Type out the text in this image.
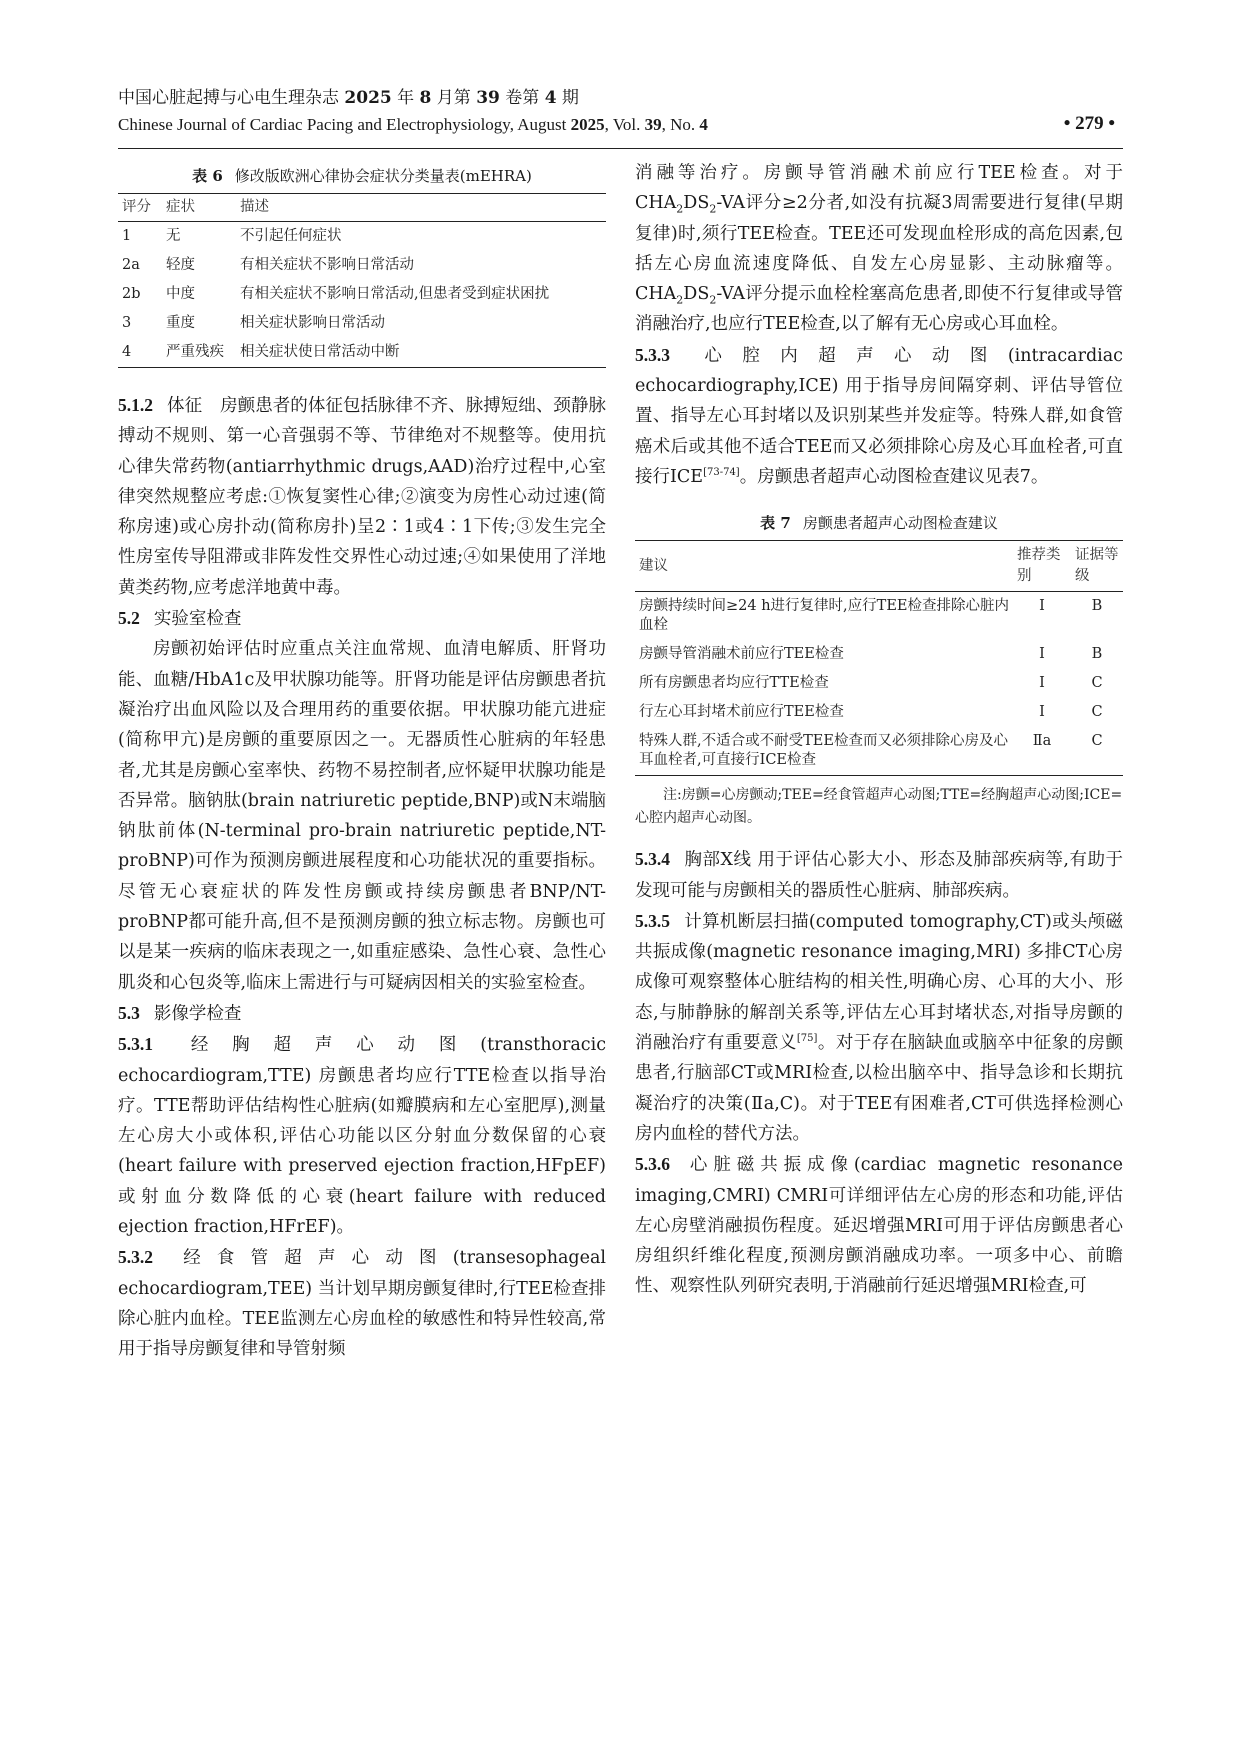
中国心脏起搏与心电生理杂志 2025 年 8 月第 39 卷第 4 期
Chinese Journal of Cardiac Pacing and Electrophysiology, August 2025, Vol. 39, No. 4	• 279 •
表 6 修改版欧洲心律协会症状分类量表(mEHRA)
评分	症状	描述
1	无	不引起任何症状
2a	轻度	有相关症状不影响日常活动
2b	中度	有相关症状不影响日常活动,但患者受到症状困扰
3	重度	相关症状影响日常活动
4	严重残疾	相关症状使日常活动中断

5.1.2 体征 房颤患者的体征包括脉律不齐、脉搏短绌、颈静脉搏动不规则、第一心音强弱不等、节律绝对不规整等。使用抗心律失常药物(antiarrhythmic drugs,AAD)治疗过程中,心室律突然规整应考虑:①恢复窦性心律;②演变为房性心动过速(简称房速)或心房扑动(简称房扑)呈2∶1或4∶1下传;③发生完全性房室传导阻滞或非阵发性交界性心动过速;④如果使用了洋地黄类药物,应考虑洋地黄中毒。

5.2 实验室检查

房颤初始评估时应重点关注血常规、血清电解质、肝肾功能、血糖/HbA1c及甲状腺功能等。肝肾功能是评估房颤患者抗凝治疗出血风险以及合理用药的重要依据。甲状腺功能亢进症(简称甲亢)是房颤的重要原因之一。无器质性心脏病的年轻患者,尤其是房颤心室率快、药物不易控制者,应怀疑甲状腺功能是否异常。脑钠肽(brain natriuretic peptide,BNP)或N末端脑钠肽前体(N-terminal pro-brain natriuretic peptide,NT-proBNP)可作为预测房颤进展程度和心功能状况的重要指标。尽管无心衰症状的阵发性房颤或持续房颤患者BNP/NT-proBNP都可能升高,但不是预测房颤的独立标志物。房颤也可以是某一疾病的临床表现之一,如重症感染、急性心衰、急性心肌炎和心包炎等,临床上需进行与可疑病因相关的实验室检查。

5.3 影像学检查

5.3.1 经胸超声心动图(transthoracic echocardiogram,TTE) 房颤患者均应行TTE检查以指导治疗。TTE帮助评估结构性心脏病(如瓣膜病和左心室肥厚),测量左心房大小或体积,评估心功能以区分射血分数保留的心衰(heart failure with preserved ejection fraction,HFpEF)或射血分数降低的心衰(heart failure with reduced ejection fraction,HFrEF)。

5.3.2 经食管超声心动图(transesophageal echocardiogram,TEE) 当计划早期房颤复律时,行TEE检查排除心脏内血栓。TEE监测左心房血栓的敏感性和特异性较高,常用于指导房颤复律和导管射频

消融等治疗。房颤导管消融术前应行TEE检查。对于$CHA_2DS_2-VA$评分≥2分者,如没有抗凝3周需要进行复律(早期复律)时,须行TEE检查。TEE还可发现血栓形成的高危因素,包括左心房血流速度降低、自发左心房显影、主动脉瘤等。$CHA_2DS_2-VA$评分提示血栓栓塞高危患者,即使不行复律或导管消融治疗,也应行TEE检查,以了解有无心房或心耳血栓。

5.3.3 心腔内超声心动图(intracardiac echocardiography,ICE) 用于指导房间隔穿刺、评估导管位置、指导左心耳封堵以及识别某些并发症等。特殊人群,如食管癌术后或其他不适合TEE而又必须排除心房及心耳血栓者,可直接行ICE[73-74]。房颤患者超声心动图检查建议见表7。

表 7 房颤患者超声心动图检查建议
建议	推荐类别	证据等级
房颤持续时间≥24 h进行复律时,应行TEE检查排除心脏内血栓	Ⅰ	B
房颤导管消融术前应行TEE检查	Ⅰ	B
所有房颤患者均应行TTE检查	Ⅰ	C
行左心耳封堵术前应行TEE检查	Ⅰ	C
特殊人群,不适合或不耐受TEE检查而又必须排除心房及心耳血栓者,可直接行ICE检查	Ⅱa	C

注:房颤=心房颤动;TEE=经食管超声心动图;TTE=经胸超声心动图;ICE=心腔内超声心动图。

5.3.4 胸部X线 用于评估心影大小、形态及肺部疾病等,有助于发现可能与房颤相关的器质性心脏病、肺部疾病。

5.3.5 计算机断层扫描(computed tomography,CT)或头颅磁共振成像(magnetic resonance imaging,MRI) 多排CT心房成像可观察整体心脏结构的相关性,明确心房、心耳的大小、形态,与肺静脉的解剖关系等,评估左心耳封堵状态,对指导房颤的消融治疗有重要意义[75]。对于存在脑缺血或脑卒中征象的房颤患者,行脑部CT或MRI检查,以检出脑卒中、指导急诊和长期抗凝治疗的决策(Ⅱa,C)。对于TEE有困难者,CT可供选择检测心房内血栓的替代方法。

5.3.6 心脏磁共振成像(cardiac magnetic resonance imaging,CMRI) CMRI可详细评估左心房的形态和功能,评估左心房壁消融损伤程度。延迟增强MRI可用于评估房颤患者心房组织纤维化程度,预测房颤消融成功率。一项多中心、前瞻性、观察性队列研究表明,于消融前行延迟增强MRI检查,可
